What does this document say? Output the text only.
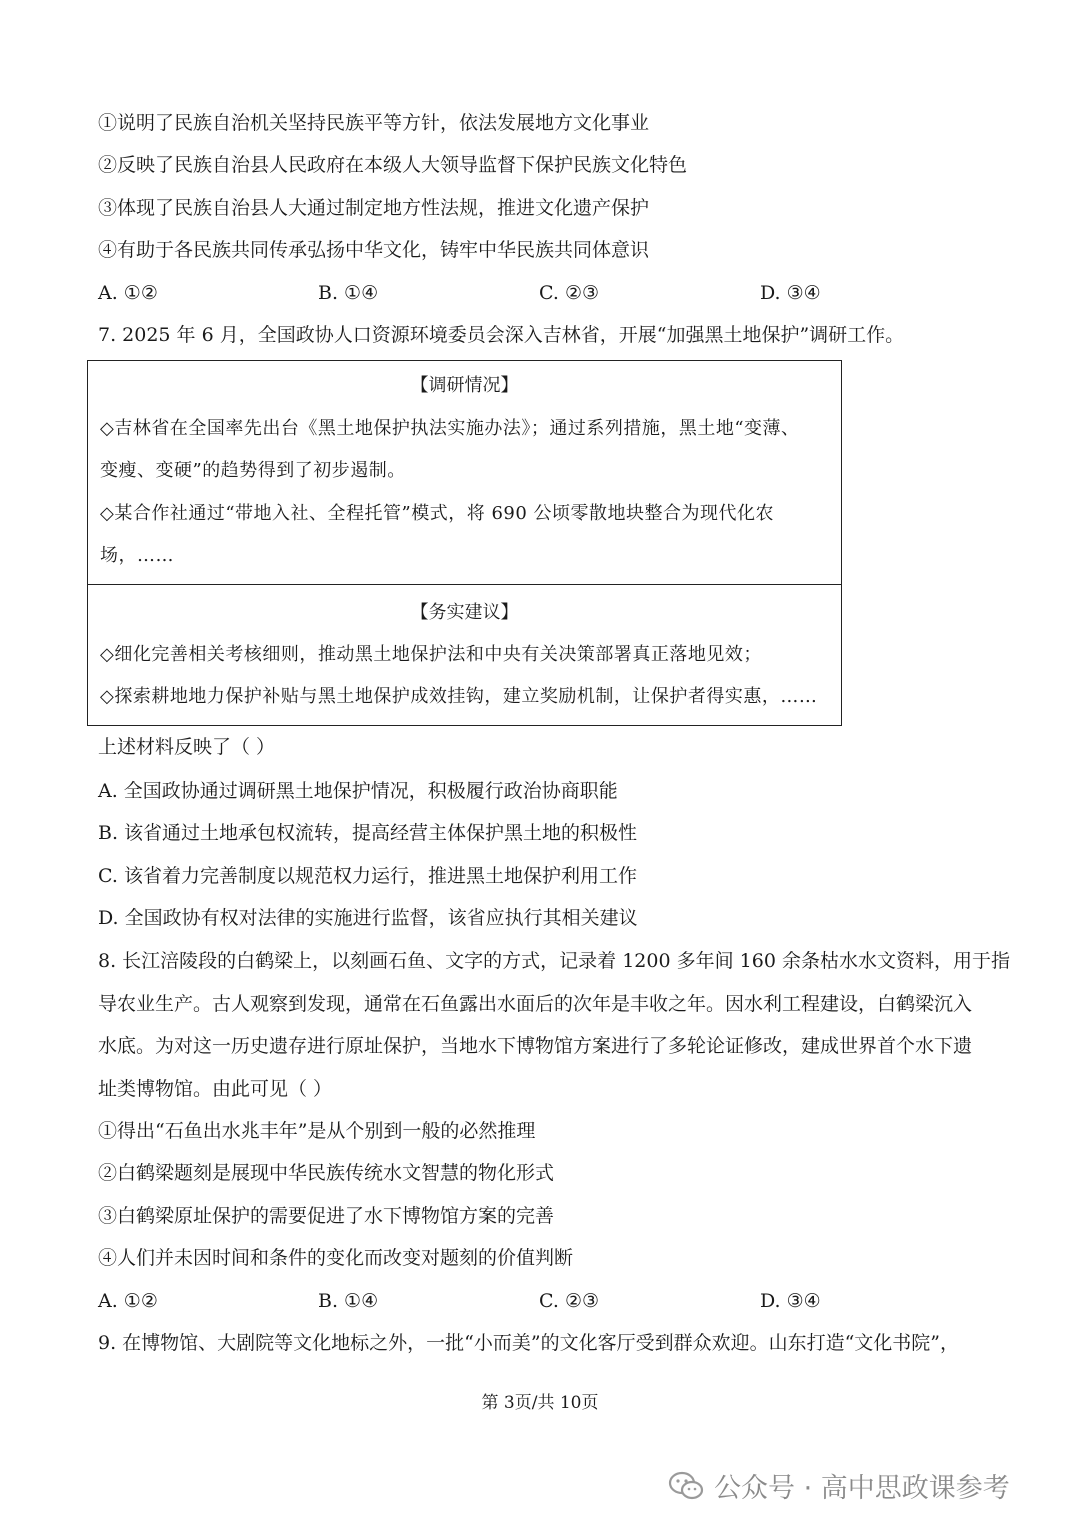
①说明了民族自治机关坚持民族平等方针，依法发展地方文化事业
②反映了民族自治县人民政府在本级人大领导监督下保护民族文化特色
③体现了民族自治县人大通过制定地方性法规，推进文化遗产保护
④有助于各民族共同传承弘扬中华文化，铸牢中华民族共同体意识
A. ①②	B. ①④	C. ②③	D. ③④
7. 2025 年 6 月，全国政协人口资源环境委员会深入吉林省，开展“加强黑土地保护”调研工作。
【调研情况】
◇吉林省在全国率先出台《黑土地保护执法实施办法》；通过系列措施，黑土地“变薄、
变瘦、变硬”的趋势得到了初步遏制。
◇某合作社通过“带地入社、全程托管”模式，将 690 公顷零散地块整合为现代化农
场，……
【务实建议】
◇细化完善相关考核细则，推动黑土地保护法和中央有关决策部署真正落地见效；
◇探索耕地地力保护补贴与黑土地保护成效挂钩，建立奖励机制，让保护者得实惠，……
上述材料反映了（ ）
A. 全国政协通过调研黑土地保护情况，积极履行政治协商职能
B. 该省通过土地承包权流转，提高经营主体保护黑土地的积极性
C. 该省着力完善制度以规范权力运行，推进黑土地保护利用工作
D. 全国政协有权对法律的实施进行监督，该省应执行其相关建议
8. 长江涪陵段的白鹤梁上，以刻画石鱼、文字的方式，记录着 1200 多年间 160 余条枯水水文资料，用于指
导农业生产。古人观察到发现，通常在石鱼露出水面后的次年是丰收之年。因水利工程建设，白鹤梁沉入
水底。为对这一历史遗存进行原址保护，当地水下博物馆方案进行了多轮论证修改，建成世界首个水下遗
址类博物馆。由此可见（ ）
①得出“石鱼出水兆丰年”是从个别到一般的必然推理
②白鹤梁题刻是展现中华民族传统水文智慧的物化形式
③白鹤梁原址保护的需要促进了水下博物馆方案的完善
④人们并未因时间和条件的变化而改变对题刻的价值判断
A. ①②	B. ①④	C. ②③	D. ③④
9. 在博物馆、大剧院等文化地标之外，一批“小而美”的文化客厅受到群众欢迎。山东打造“文化书院”，
第 3页/共 10页
公众号 · 高中思政课参考
